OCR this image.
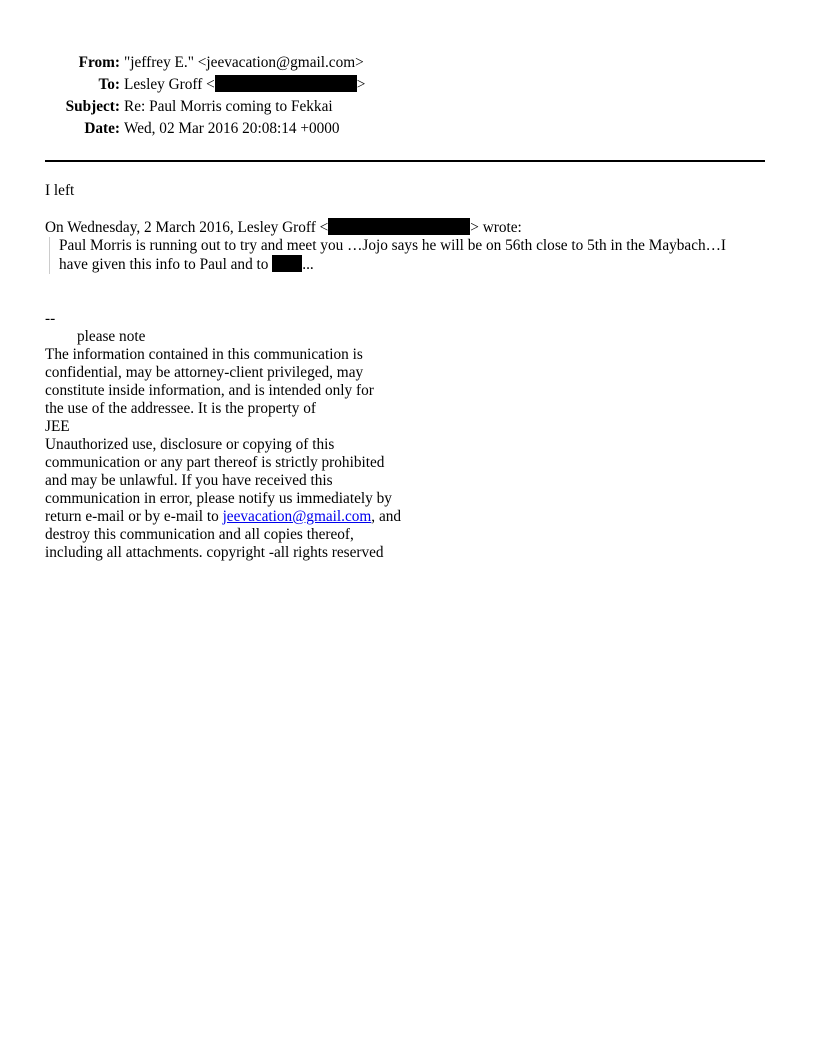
From: "jeffrey E." <jeevacation@gmail.com>
To: Lesley Groff <	>
Subject: Re: Paul Morris coming to Fekkai
Date: Wed, 02 Mar 2016 20:08:14 +0000
I left
On Wednesday, 2 March 2016, Lesley Groff <	> wrote:
Paul Morris is running out to try and meet you …Jojo says he will be on 56th close to 5th in the Maybach…I
have given this info to Paul and to ...
--
please note
The information contained in this communication is
confidential, may be attorney-client privileged, may
constitute inside information, and is intended only for
the use of the addressee. It is the property of
JEE
Unauthorized use, disclosure or copying of this
communication or any part thereof is strictly prohibited
and may be unlawful. If you have received this
communication in error, please notify us immediately by
return e-mail or by e-mail to jeevacation@gmail.com, and
destroy this communication and all copies thereof,
including all attachments. copyright -all rights reserved
